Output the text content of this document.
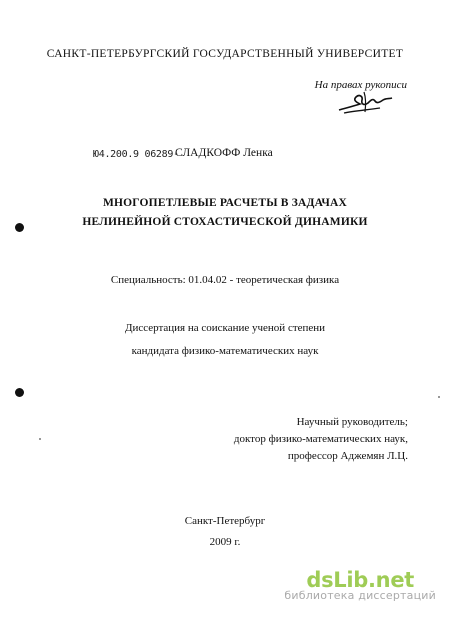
САНКТ-ПЕТЕРБУРГСКИЙ ГОСУДАРСТВЕННЫЙ УНИВЕРСИТЕТ
На правах рукописи
Ю4.200.9 06289-
СЛАДКОФФ Ленка
МНОГОПЕТЛЕВЫЕ РАСЧЕТЫ В ЗАДАЧАХ
НЕЛИНЕЙНОЙ СТОХАСТИЧЕСКОЙ ДИНАМИКИ
Специальность: 01.04.02 - теоретическая физика
Диссертация на соискание ученой степени
кандидата физико-математических наук
Научный руководитель;
доктор физико-математических наук,
профессор Аджемян Л.Ц.
Санкт-Петербург
2009 г.
dsLib.net
библиотека диссертаций
